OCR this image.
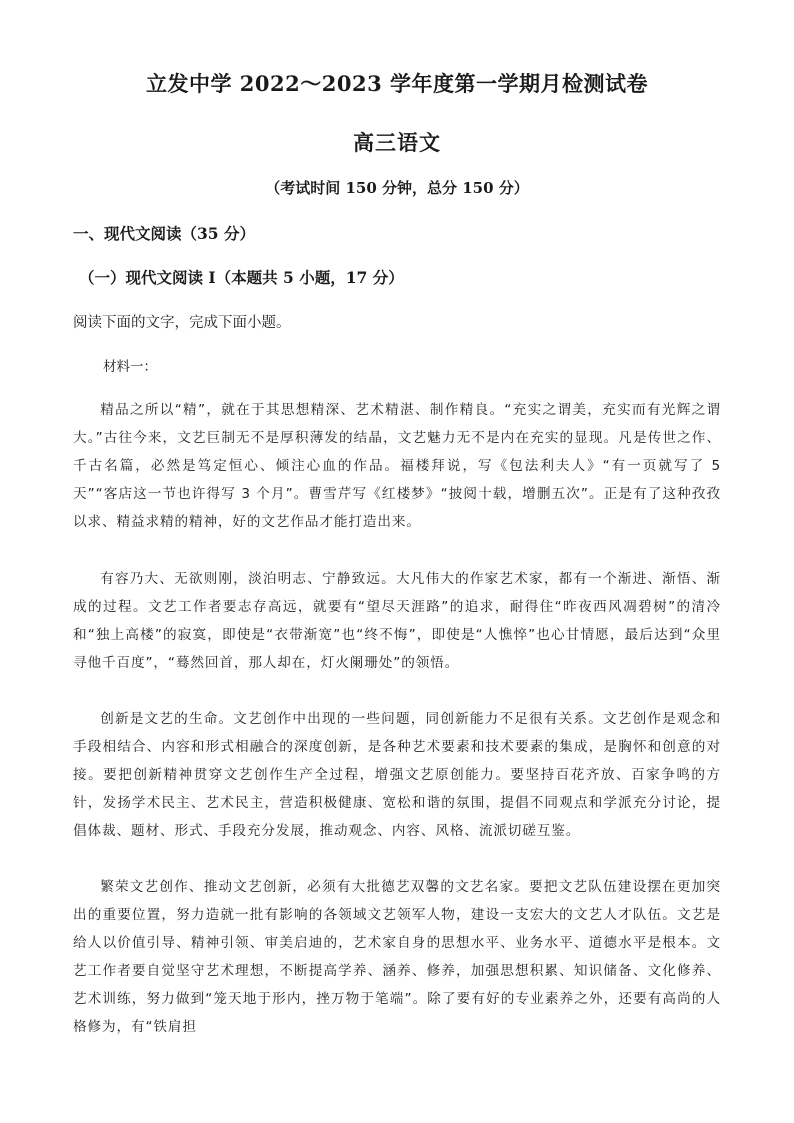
立发中学 2022～2023 学年度第一学期月检测试卷
高三语文
（考试时间 150 分钟，总分 150 分）
一、现代文阅读（35 分）
（一）现代文阅读 I（本题共 5 小题，17 分）
阅读下面的文字，完成下面小题。
材料一：
精品之所以“精”，就在于其思想精深、艺术精湛、制作精良。“充实之谓美，充实而有光辉之谓大。”古往今来，文艺巨制无不是厚积薄发的结晶，文艺魅力无不是内在充实的显现。凡是传世之作、千古名篇，必然是笃定恒心、倾注心血的作品。福楼拜说，写《包法利夫人》“有一页就写了 5 天”“客店这一节也许得写 3 个月”。曹雪芹写《红楼梦》“披阅十载，增删五次”。正是有了这种孜孜以求、精益求精的精神，好的文艺作品才能打造出来。
有容乃大、无欲则刚，淡泊明志、宁静致远。大凡伟大的作家艺术家，都有一个渐进、渐悟、渐成的过程。文艺工作者要志存高远，就要有“望尽天涯路”的追求，耐得住“昨夜西风凋碧树”的清冷和“独上高楼”的寂寞，即使是“衣带渐宽”也“终不悔”，即使是“人憔悴”也心甘情愿，最后达到“众里寻他千百度”，“蓦然回首，那人却在，灯火阑珊处”的领悟。
创新是文艺的生命。文艺创作中出现的一些问题，同创新能力不足很有关系。文艺创作是观念和手段相结合、内容和形式相融合的深度创新，是各种艺术要素和技术要素的集成，是胸怀和创意的对接。要把创新精神贯穿文艺创作生产全过程，增强文艺原创能力。要坚持百花齐放、百家争鸣的方针，发扬学术民主、艺术民主，营造积极健康、宽松和谐的氛围，提倡不同观点和学派充分讨论，提倡体裁、题材、形式、手段充分发展，推动观念、内容、风格、流派切磋互鉴。
繁荣文艺创作、推动文艺创新，必须有大批德艺双馨的文艺名家。要把文艺队伍建设摆在更加突出的重要位置，努力造就一批有影响的各领域文艺领军人物，建设一支宏大的文艺人才队伍。文艺是给人以价值引导、精神引领、审美启迪的，艺术家自身的思想水平、业务水平、道德水平是根本。文艺工作者要自觉坚守艺术理想，不断提高学养、涵养、修养，加强思想积累、知识储备、文化修养、艺术训练，努力做到“笼天地于形内，挫万物于笔端”。除了要有好的专业素养之外，还要有高尚的人格修为，有“铁肩担
